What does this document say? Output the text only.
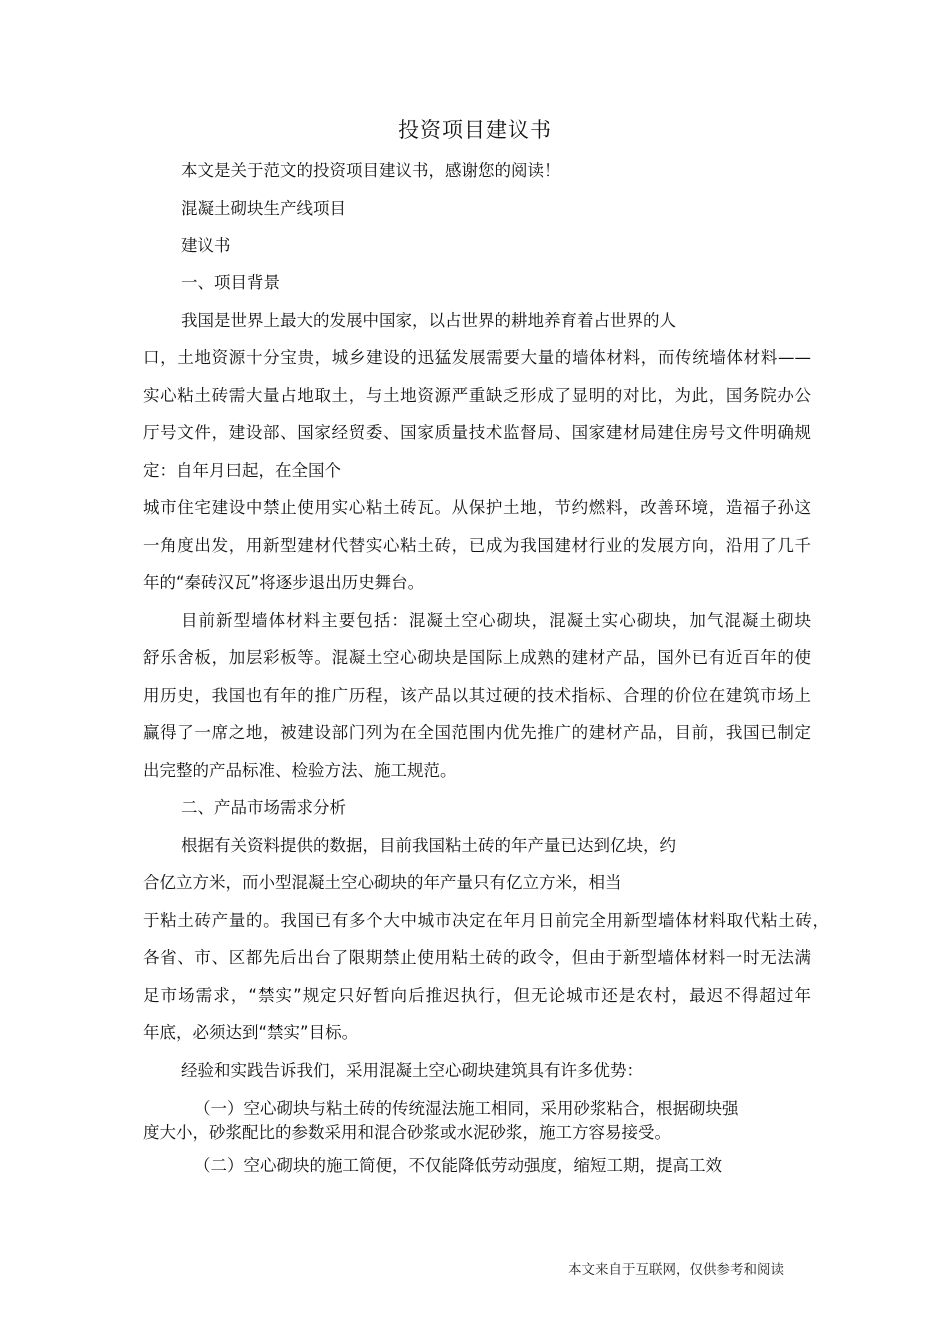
投资项目建议书
本文是关于范文的投资项目建议书，感谢您的阅读！
混凝土砌块生产线项目
建议书
一、项目背景
我国是世界上最大的发展中国家，以占世界的耕地养育着占世界的人
口，土地资源十分宝贵，城乡建设的迅猛发展需要大量的墙体材料，而传统墙体材料——
实心粘土砖需大量占地取土，与土地资源严重缺乏形成了显明的对比，为此，国务院办公
厅号文件，建设部、国家经贸委、国家质量技术监督局、国家建材局建住房号文件明确规
定：自年月曰起，在全国个
城市住宅建设中禁止使用实心粘土砖瓦。从保护土地，节约燃料，改善环境，造福子孙这
一角度出发，用新型建材代替实心粘土砖，已成为我国建材行业的发展方向，沿用了几千
年的“秦砖汉瓦”将逐步退出历史舞台。
目前新型墙体材料主要包括：混凝土空心砌块，混凝土实心砌块，加气混凝土砌块
舒乐舍板，加层彩板等。混凝土空心砌块是国际上成熟的建材产品，国外已有近百年的使
用历史，我国也有年的推广历程，该产品以其过硬的技术指标、合理的价位在建筑市场上
赢得了一席之地，被建设部门列为在全国范围内优先推广的建材产品，目前，我国已制定
出完整的产品标准、检验方法、施工规范。
二、产品市场需求分析
根据有关资料提供的数据，目前我国粘土砖的年产量已达到亿块，约
合亿立方米，而小型混凝土空心砌块的年产量只有亿立方米，相当
于粘土砖产量的。我国已有多个大中城市决定在年月日前完全用新型墙体材料取代粘土砖，
各省、市、区都先后出台了限期禁止使用粘土砖的政令，但由于新型墙体材料一时无法满
足市场需求，“禁实”规定只好暂向后推迟执行，但无论城市还是农村，最迟不得超过年
年底，必须达到“禁实”目标。
经验和实践告诉我们，采用混凝土空心砌块建筑具有许多优势：
（一）空心砌块与粘土砖的传统湿法施工相同，采用砂浆粘合，根据砌块强
度大小，砂浆配比的参数采用和混合砂浆或水泥砂浆，施工方容易接受。
（二）空心砌块的施工简便，不仅能降低劳动强度，缩短工期，提高工效
本文来自于互联网，仅供参考和阅读
